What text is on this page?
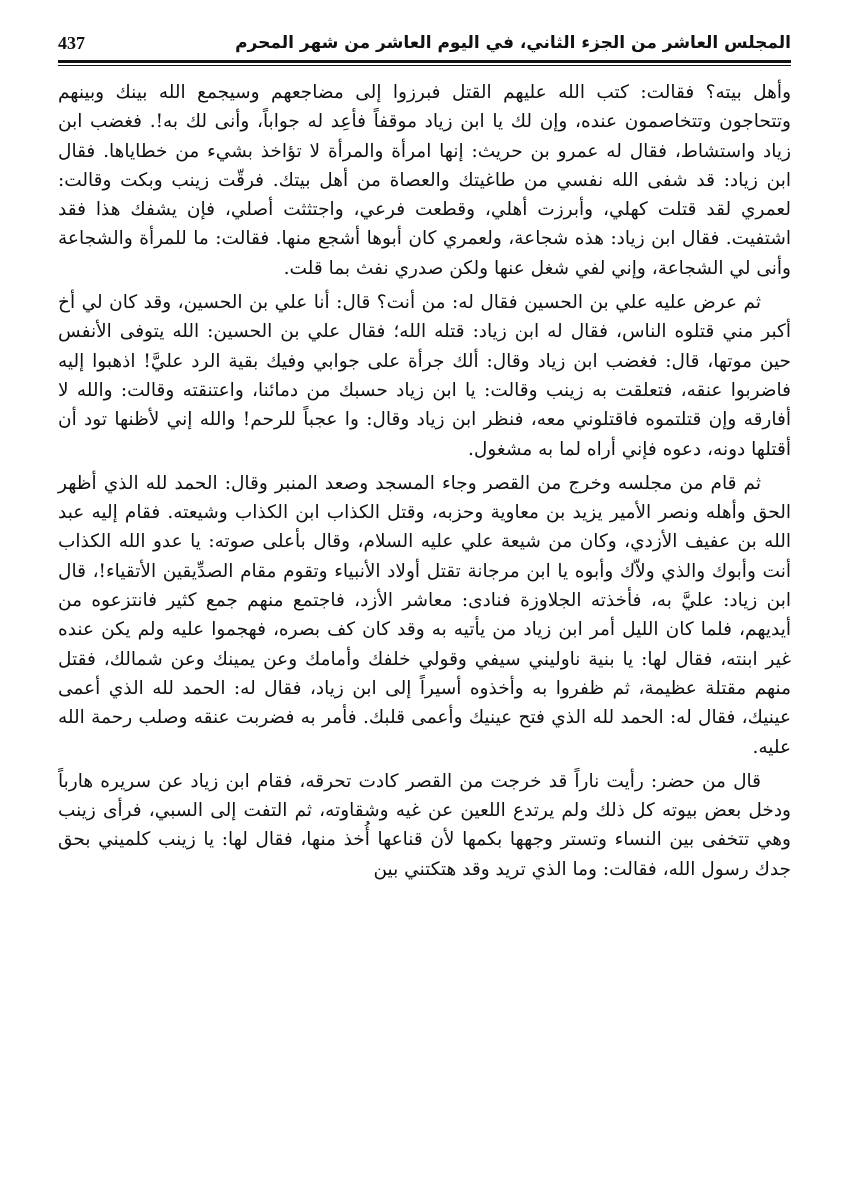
المجلس العاشر من الجزء الثاني، في اليوم العاشر من شهر المحرم
437

وأهل بيته؟ فقالت: كتب الله عليهم القتل فبرزوا إلى مضاجعهم وسيجمع الله بينك وبينهم وتتحاجون وتتخاصمون عنده، وإن لك يا ابن زياد موقفاً فأعِد له جواباً، وأنى لك به!. فغضب ابن زياد واستشاط، فقال له عمرو بن حريث: إنها امرأة والمرأة لا تؤاخذ بشيء من خطاياها. فقال ابن زياد: قد شفى الله نفسي من طاغيتك والعصاة من أهل بيتك. فرقّت زينب وبكت وقالت: لعمري لقد قتلت كهلي، وأبرزت أهلي، وقطعت فرعي، واجتثثت أصلي، فإن يشفك هذا فقد اشتفيت. فقال ابن زياد: هذه شجاعة، ولعمري كان أبوها أشجع منها. فقالت: ما للمرأة والشجاعة وأنى لي الشجاعة، وإني لفي شغل عنها ولكن صدري نفث بما قلت.

ثم عرض عليه علي بن الحسين فقال له: من أنت؟ قال: أنا علي بن الحسين، وقد كان لي أخ أكبر مني قتلوه الناس، فقال له ابن زياد: قتله الله؛ فقال علي بن الحسين: الله يتوفى الأنفس حين موتها، قال: فغضب ابن زياد وقال: ألك جرأة على جوابي وفيك بقية الرد عليَّ! اذهبوا إليه فاضربوا عنقه، فتعلقت به زينب وقالت: يا ابن زياد حسبك من دمائنا، واعتنقته وقالت: والله لا أفارقه وإن قتلتموه فاقتلوني معه، فنظر ابن زياد وقال: وا عجباً للرحم! والله إني لأظنها تود أن أقتلها دونه، دعوه فإني أراه لما به مشغول.

ثم قام من مجلسه وخرج من القصر وجاء المسجد وصعد المنبر وقال: الحمد لله الذي أظهر الحق وأهله ونصر الأمير يزيد بن معاوية وحزبه، وقتل الكذاب ابن الكذاب وشيعته. فقام إليه عبد الله بن عفيف الأزدي، وكان من شيعة علي عليه السلام، وقال بأعلى صوته: يا عدو الله الكذاب أنت وأبوك والذي ولاّك وأبوه يا ابن مرجانة تقتل أولاد الأنبياء وتقوم مقام الصدِّيقين الأتقياء!، قال ابن زياد: عليَّ به، فأخذته الجلاوزة فنادى: معاشر الأزد، فاجتمع منهم جمع كثير فانتزعوه من أيديهم، فلما كان الليل أمر ابن زياد من يأتيه به وقد كان كف بصره، فهجموا عليه ولم يكن عنده غير ابنته، فقال لها: يا بنية ناوليني سيفي وقولي خلفك وأمامك وعن يمينك وعن شمالك، فقتل منهم مقتلة عظيمة، ثم ظفروا به وأخذوه أسيراً إلى ابن زياد، فقال له: الحمد لله الذي أعمى عينيك، فقال له: الحمد لله الذي فتح عينيك وأعمى قلبك. فأمر به فضربت عنقه وصلب رحمة الله عليه.

قال من حضر: رأيت ناراً قد خرجت من القصر كادت تحرقه، فقام ابن زياد عن سريره هارباً ودخل بعض بيوته كل ذلك ولم يرتدع اللعين عن غيه وشقاوته، ثم التفت إلى السبي، فرأى زينب وهي تتخفى بين النساء وتستر وجهها بكمها لأن قناعها أُخذ منها، فقال لها: يا زينب كلميني بحق جدك رسول الله، فقالت: وما الذي تريد وقد هتكتني بين
